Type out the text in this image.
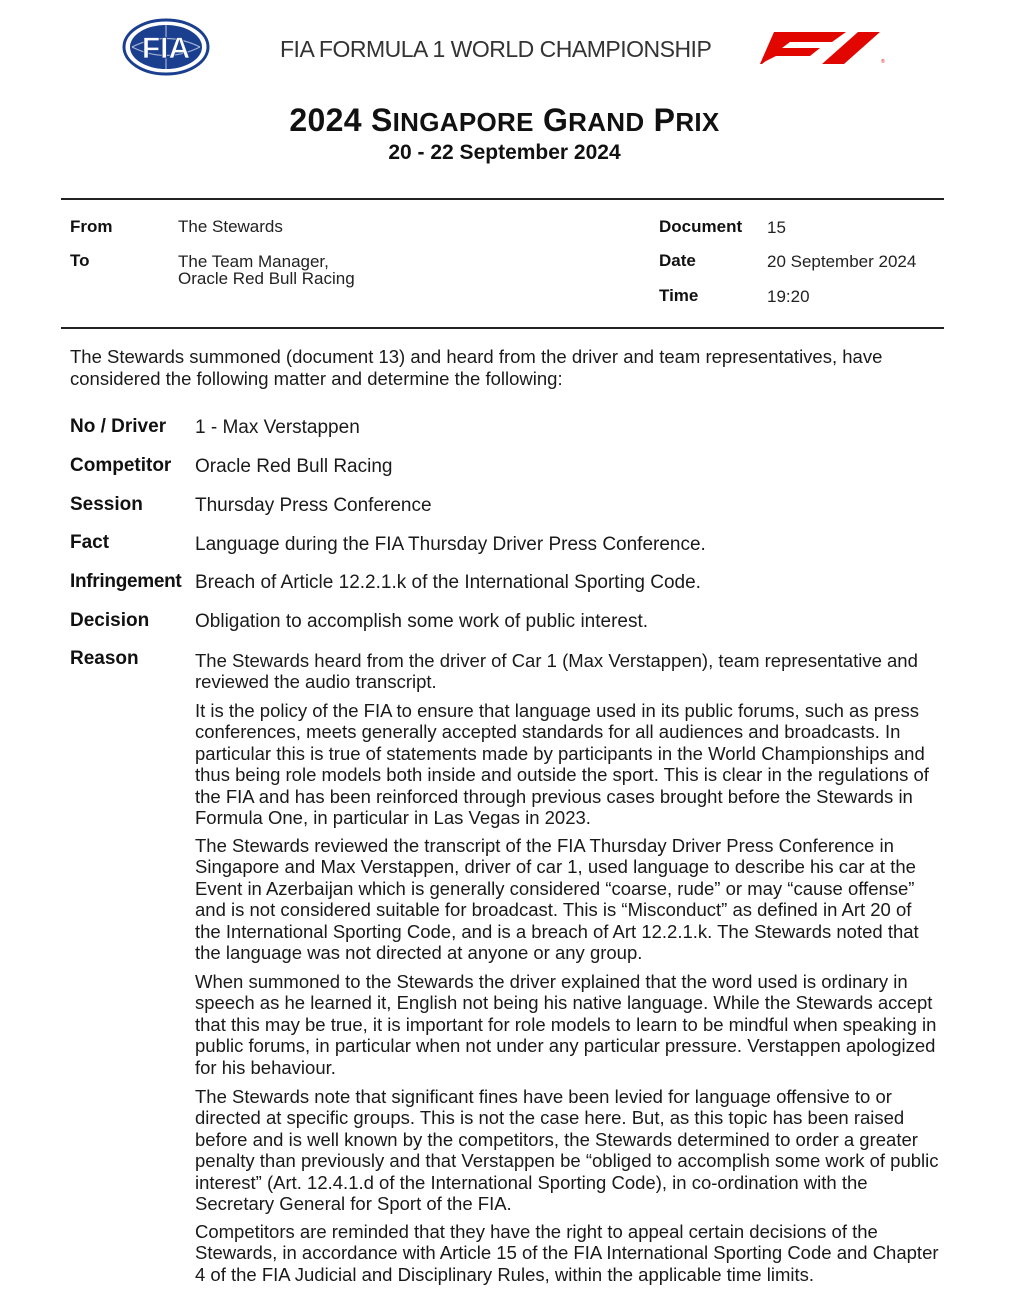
FIA	FIA FORMULA 1 WORLD CHAMPIONSHIP	®
2024 SINGAPORE GRAND PRIX
20 - 22 September 2024
From	The Stewards
To	The Team Manager,
Oracle Red Bull Racing
Document 15
Date	20 September 2024
Time	19:20
The Stewards summoned (document 13) and heard from the driver and team representatives, have considered the following matter and determine the following:
No / Driver 1 - Max Verstappen
Competitor Oracle Red Bull Racing
Session	Thursday Press Conference
Fact	Language during the FIA Thursday Driver Press Conference.
Infringement Breach of Article 12.2.1.k of the International Sporting Code.
Decision Obligation to accomplish some work of public interest.
Reason	The Stewards heard from the driver of Car 1 (Max Verstappen), team representative and reviewed the audio transcript.

It is the policy of the FIA to ensure that language used in its public forums, such as press conferences, meets generally accepted standards for all audiences and broadcasts. In particular this is true of statements made by participants in the World Championships and thus being role models both inside and outside the sport. This is clear in the regulations of the FIA and has been reinforced through previous cases brought before the Stewards in Formula One, in particular in Las Vegas in 2023.

The Stewards reviewed the transcript of the FIA Thursday Driver Press Conference in Singapore and Max Verstappen, driver of car 1, used language to describe his car at the Event in Azerbaijan which is generally considered “coarse, rude” or may “cause offense” and is not considered suitable for broadcast. This is “Misconduct” as defined in Art 20 of the International Sporting Code, and is a breach of Art 12.2.1.k. The Stewards noted that the language was not directed at anyone or any group.

When summoned to the Stewards the driver explained that the word used is ordinary in speech as he learned it, English not being his native language. While the Stewards accept that this may be true, it is important for role models to learn to be mindful when speaking in public forums, in particular when not under any particular pressure. Verstappen apologized for his behaviour.

The Stewards note that significant fines have been levied for language offensive to or directed at specific groups. This is not the case here. But, as this topic has been raised before and is well known by the competitors, the Stewards determined to order a greater penalty than previously and that Verstappen be “obliged to accomplish some work of public interest” (Art. 12.4.1.d of the International Sporting Code), in co-ordination with the Secretary General for Sport of the FIA.

Competitors are reminded that they have the right to appeal certain decisions of the Stewards, in accordance with Article 15 of the FIA International Sporting Code and Chapter 4 of the FIA Judicial and Disciplinary Rules, within the applicable time limits.
